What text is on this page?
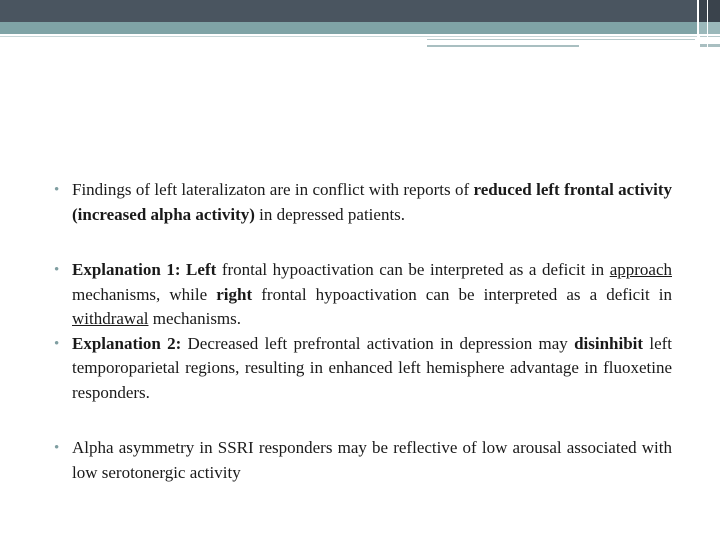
• Findings of left lateralizaton are in conflict with reports of reduced left frontal activity (increased alpha activity) in depressed patients.
• Explanation 1: Left frontal hypoactivation can be interpreted as a deficit in approach mechanisms, while right frontal hypoactivation can be interpreted as a deficit in withdrawal mechanisms.
• Explanation 2: Decreased left prefrontal activation in depression may disinhibit left temporoparietal regions, resulting in enhanced left hemisphere advantage in fluoxetine responders.
• Alpha asymmetry in SSRI responders may be reflective of low arousal associated with low serotonergic activity
